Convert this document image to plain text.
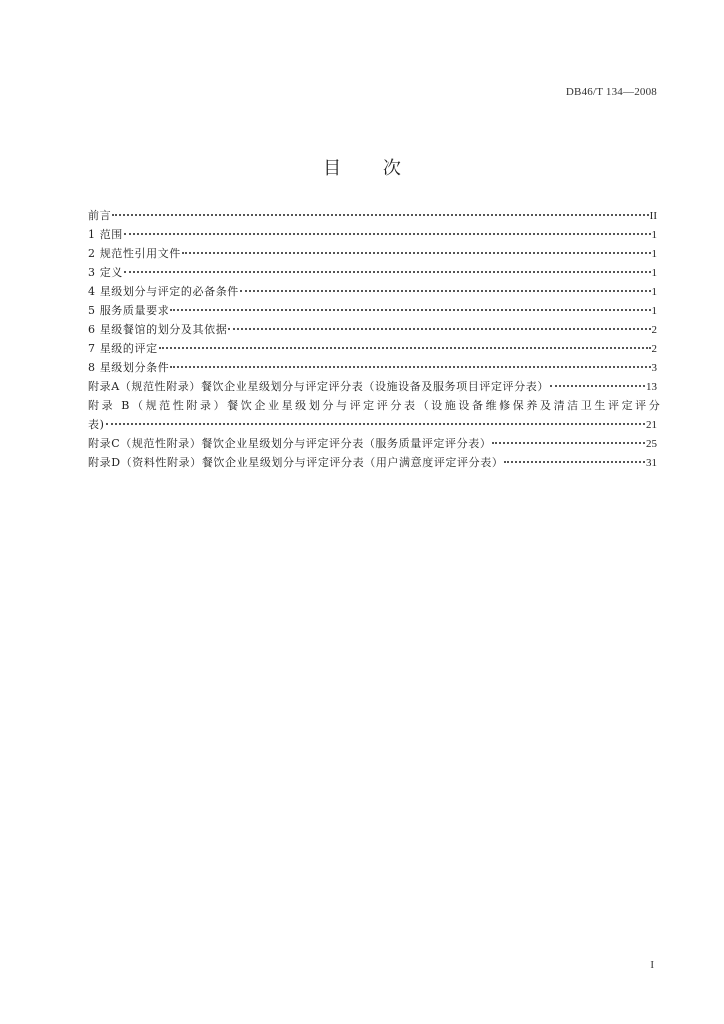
DB46/T 134—2008
目 次
前言	II
1 范围	1
2 规范性引用文件	1
3 定义	1
4 星级划分与评定的必备条件	1
5 服务质量要求	1
6 星级餐馆的划分及其依据	2
7 星级的评定	2
8 星级划分条件	3
附录A（规范性附录）餐饮企业星级划分与评定评分表（设施设备及服务项目评定评分表）	13
附录 B（规范性附录）餐饮企业星级划分与评定评分表（设施设备维修保养及清洁卫生评定评分
表)	21
附录C（规范性附录）餐饮企业星级划分与评定评分表（服务质量评定评分表）	25
附录D（资料性附录）餐饮企业星级划分与评定评分表（用户满意度评定评分表）	31
I
